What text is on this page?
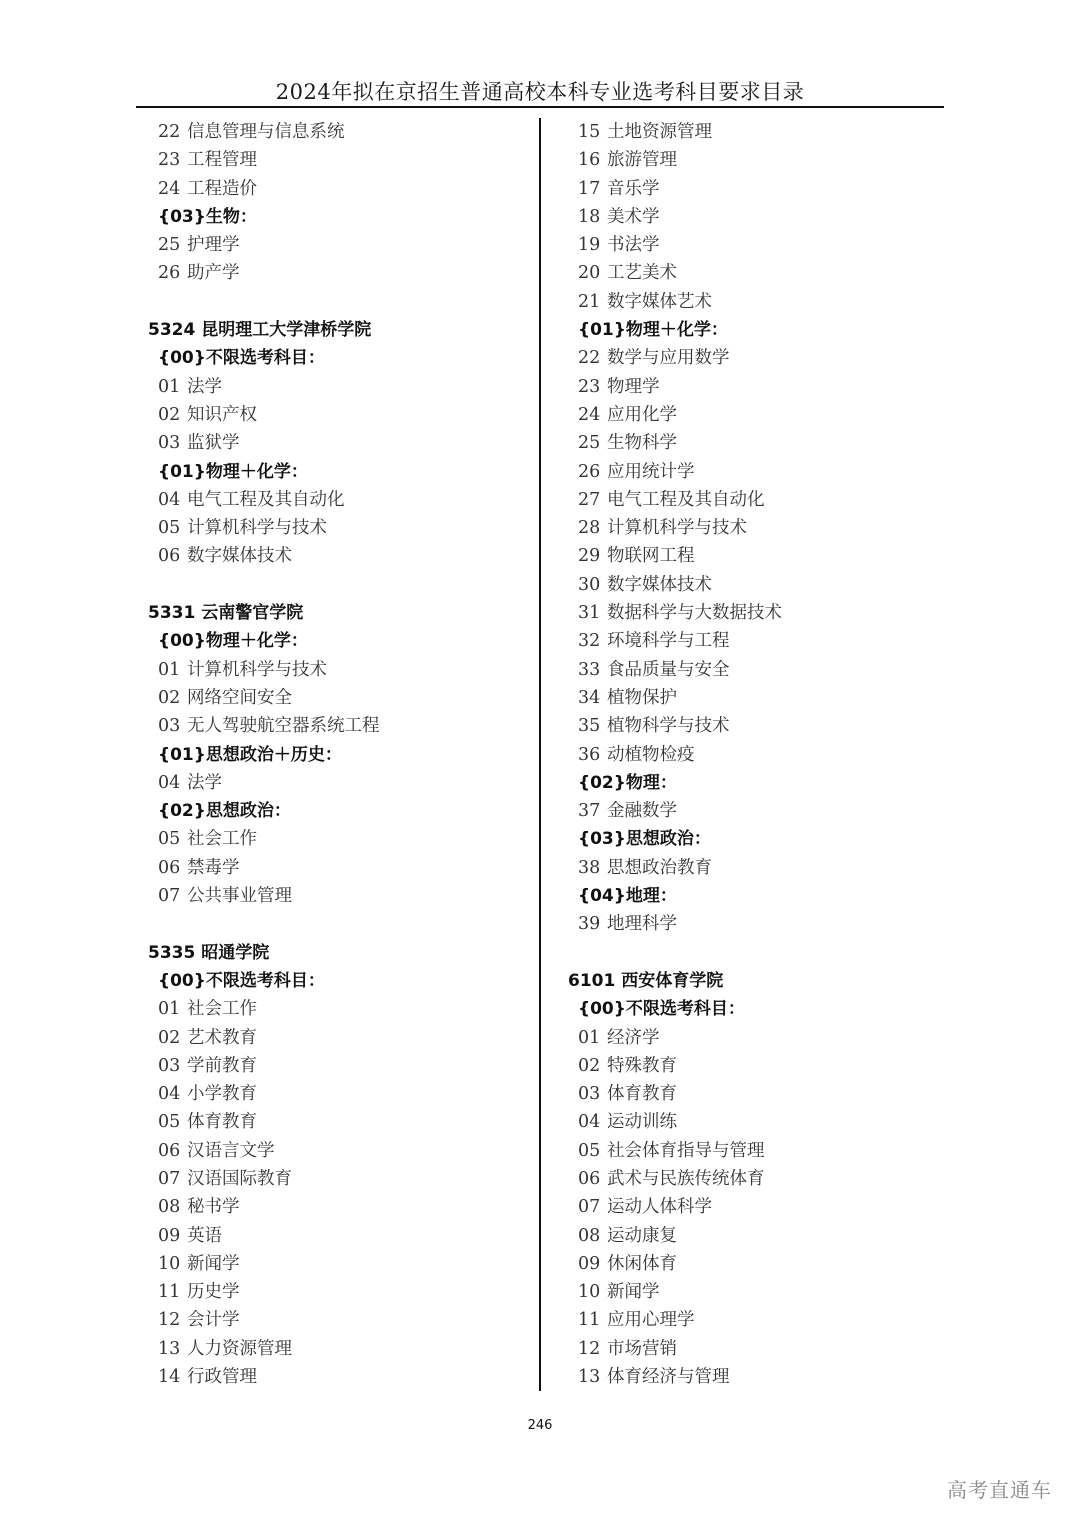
2024年拟在京招生普通高校本科专业选考科目要求目录
22 信息管理与信息系统
23 工程管理
24 工程造价
{03}生物：
25 护理学
26 助产学
5324 昆明理工大学津桥学院
{00}不限选考科目：
01 法学
02 知识产权
03 监狱学
{01}物理＋化学：
04 电气工程及其自动化
05 计算机科学与技术
06 数字媒体技术
5331 云南警官学院
{00}物理＋化学：
01 计算机科学与技术
02 网络空间安全
03 无人驾驶航空器系统工程
{01}思想政治＋历史：
04 法学
{02}思想政治：
05 社会工作
06 禁毒学
07 公共事业管理
5335 昭通学院
{00}不限选考科目：
01 社会工作
02 艺术教育
03 学前教育
04 小学教育
05 体育教育
06 汉语言文学
07 汉语国际教育
08 秘书学
09 英语
10 新闻学
11 历史学
12 会计学
13 人力资源管理
14 行政管理
15 土地资源管理
16 旅游管理
17 音乐学
18 美术学
19 书法学
20 工艺美术
21 数字媒体艺术
{01}物理＋化学：
22 数学与应用数学
23 物理学
24 应用化学
25 生物科学
26 应用统计学
27 电气工程及其自动化
28 计算机科学与技术
29 物联网工程
30 数字媒体技术
31 数据科学与大数据技术
32 环境科学与工程
33 食品质量与安全
34 植物保护
35 植物科学与技术
36 动植物检疫
{02}物理：
37 金融数学
{03}思想政治：
38 思想政治教育
{04}地理：
39 地理科学
6101 西安体育学院
{00}不限选考科目：
01 经济学
02 特殊教育
03 体育教育
04 运动训练
05 社会体育指导与管理
06 武术与民族传统体育
07 运动人体科学
08 运动康复
09 休闲体育
10 新闻学
11 应用心理学
12 市场营销
13 体育经济与管理
246
高考直通车
